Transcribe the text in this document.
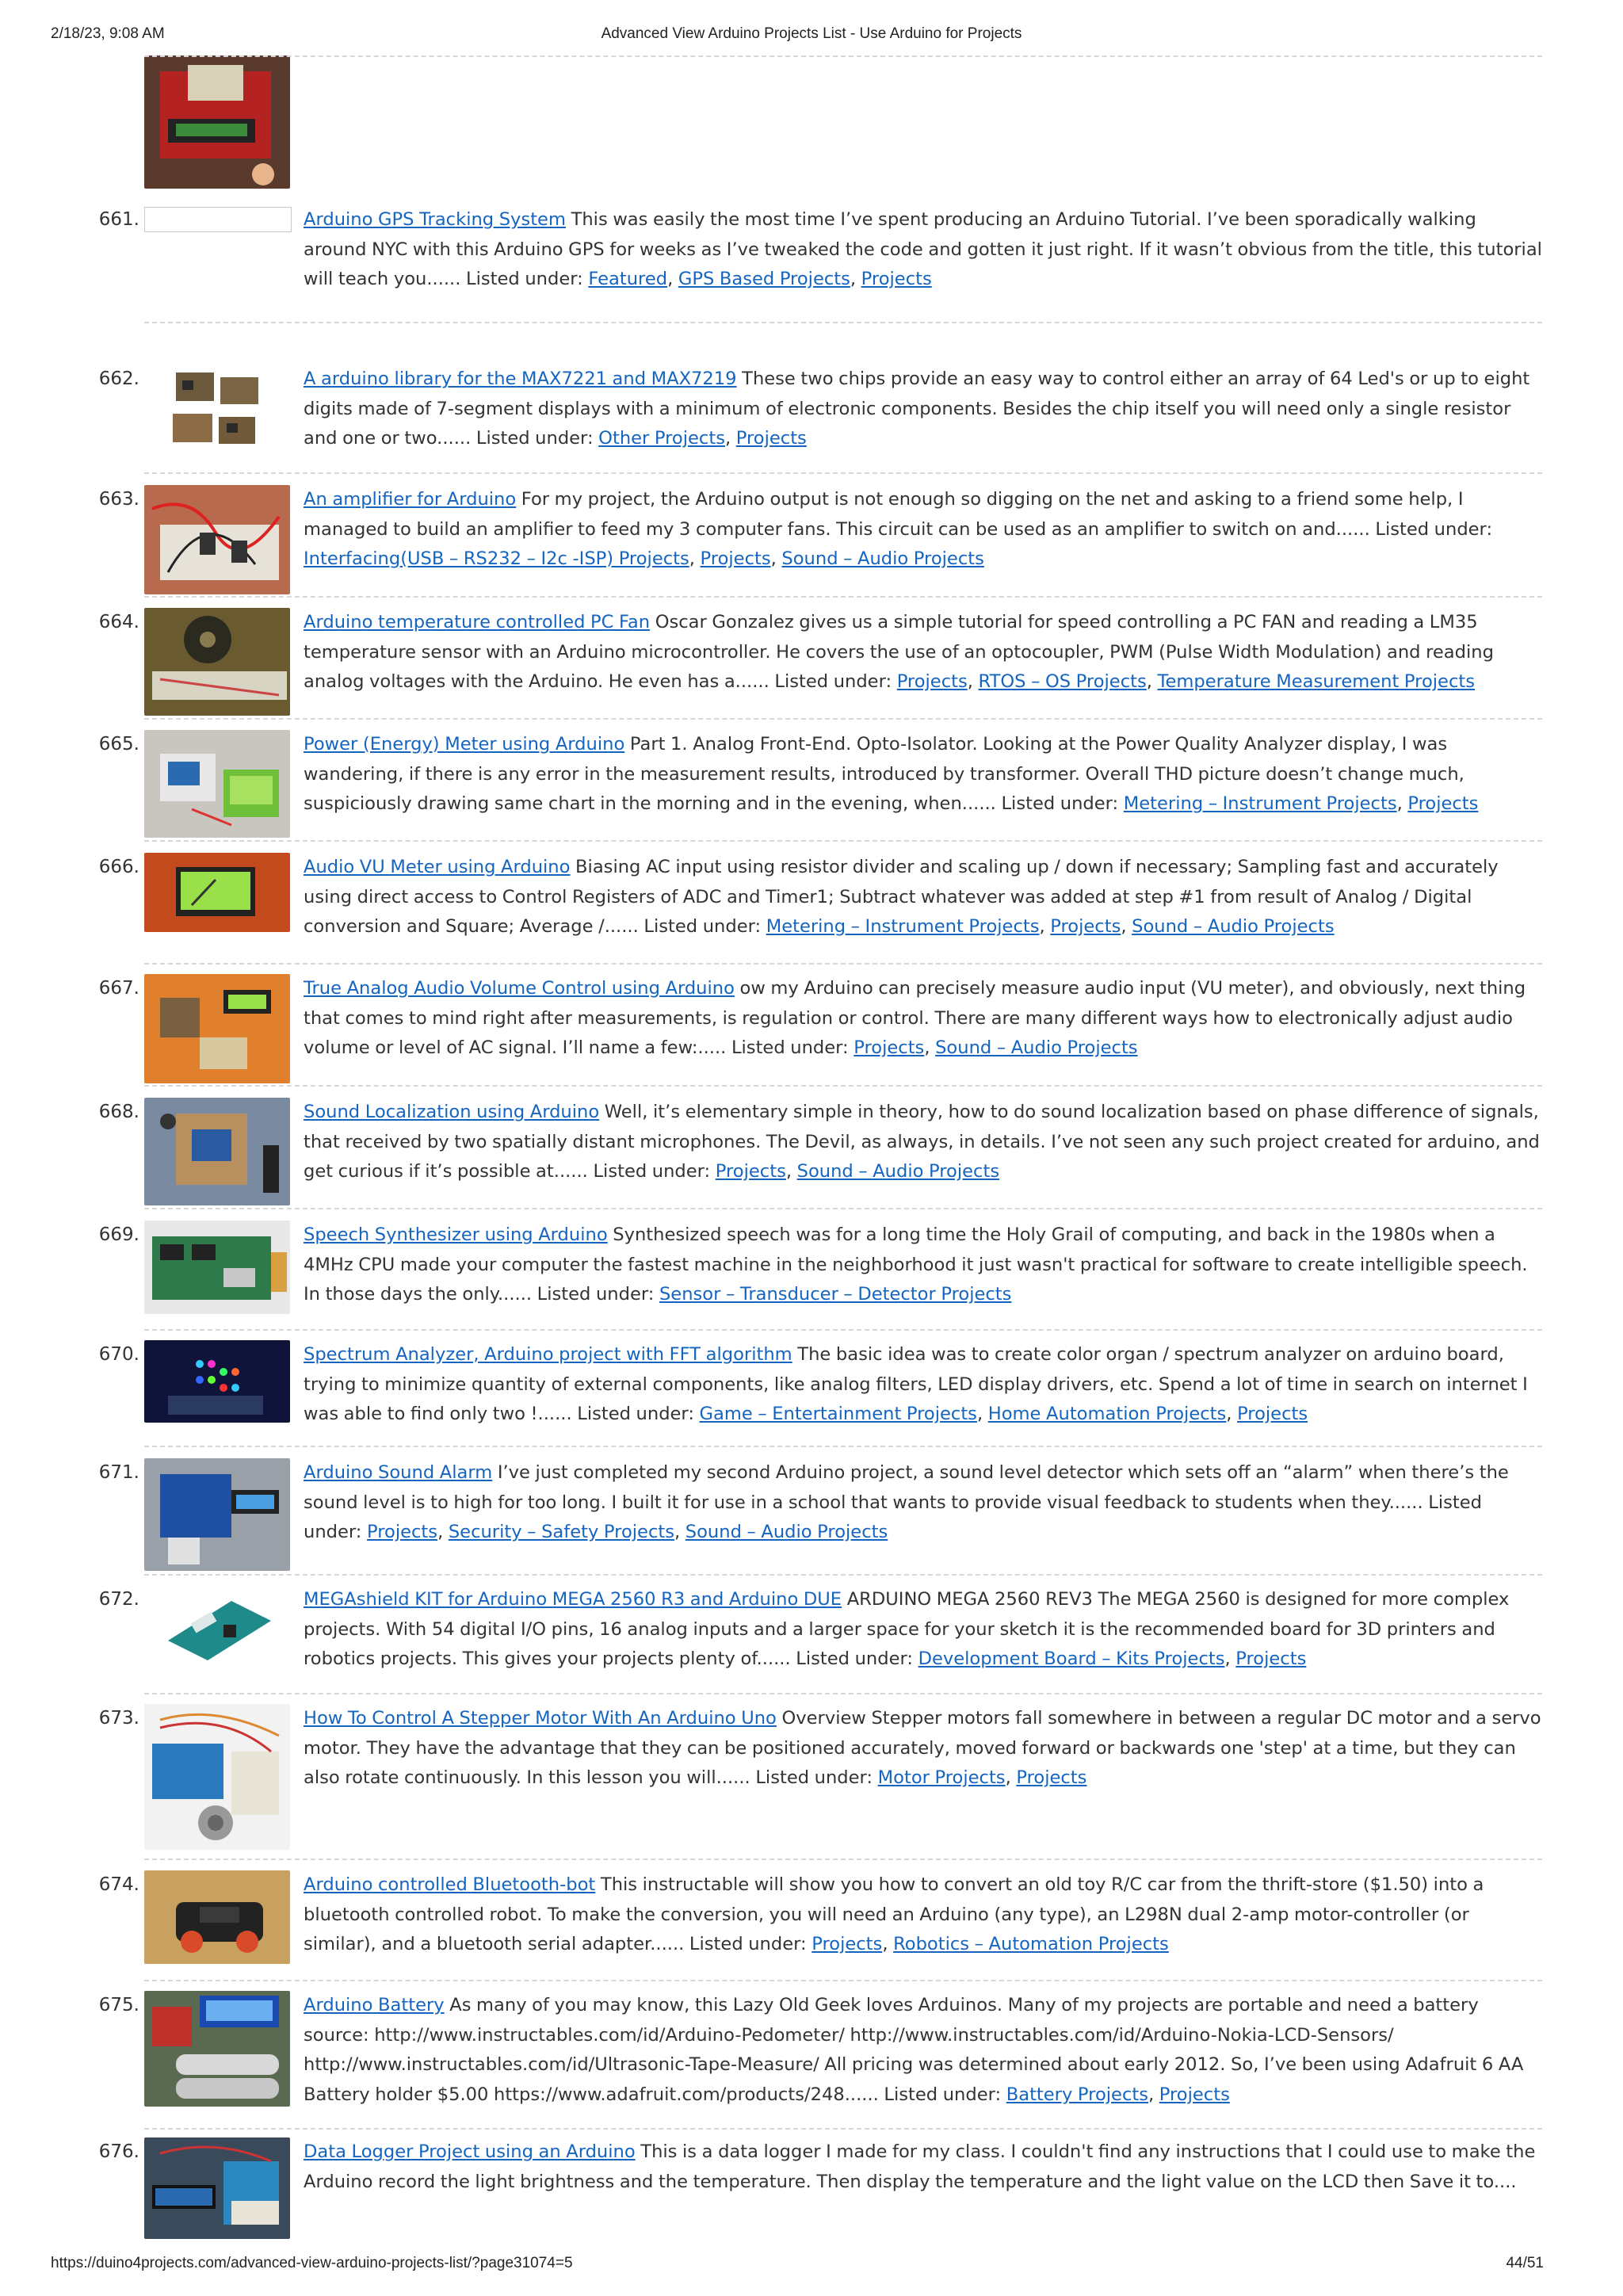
2/18/23, 9:08 AM	Advanced View Arduino Projects List - Use Arduino for Projects
661.	Arduino GPS Tracking System This was easily the most time I’ve spent producing an Arduino Tutorial. I’ve been sporadically walking around NYC with this Arduino GPS for weeks as I’ve tweaked the code and gotten it just right. If it wasn’t obvious from the title, this tutorial will teach you...... Listed under: Featured, GPS Based Projects, Projects
662.	A arduino library for the MAX7221 and MAX7219 These two chips provide an easy way to control either an array of 64 Led's or up to eight digits made of 7-segment displays with a minimum of electronic components. Besides the chip itself you will need only a single resistor and one or two...... Listed under: Other Projects, Projects
663.	An amplifier for Arduino For my project, the Arduino output is not enough so digging on the net and asking to a friend some help, I managed to build an amplifier to feed my 3 computer fans. This circuit can be used as an amplifier to switch on and...... Listed under: Interfacing(USB – RS232 – I2c -ISP) Projects, Projects, Sound – Audio Projects
664.	Arduino temperature controlled PC Fan Oscar Gonzalez gives us a simple tutorial for speed controlling a PC FAN and reading a LM35 temperature sensor with an Arduino microcontroller. He covers the use of an optocoupler, PWM (Pulse Width Modulation) and reading analog voltages with the Arduino. He even has a...... Listed under: Projects, RTOS – OS Projects, Temperature Measurement Projects
665.	Power (Energy) Meter using Arduino Part 1. Analog Front-End. Opto-Isolator. Looking at the Power Quality Analyzer display, I was wandering, if there is any error in the measurement results, introduced by transformer. Overall THD picture doesn’t change much, suspiciously drawing same chart in the morning and in the evening, when...... Listed under: Metering – Instrument Projects, Projects
666.	Audio VU Meter using Arduino Biasing AC input using resistor divider and scaling up / down if necessary; Sampling fast and accurately using direct access to Control Registers of ADC and Timer1; Subtract whatever was added at step #1 from result of Analog / Digital conversion and Square; Average /...... Listed under: Metering – Instrument Projects, Projects, Sound – Audio Projects
667.	True Analog Audio Volume Control using Arduino ow my Arduino can precisely measure audio input (VU meter), and obviously, next thing that comes to mind right after measurements, is regulation or control. There are many different ways how to electronically adjust audio volume or level of AC signal. I’ll name a few:..... Listed under: Projects, Sound – Audio Projects
668.	Sound Localization using Arduino Well, it’s elementary simple in theory, how to do sound localization based on phase difference of signals, that received by two spatially distant microphones. The Devil, as always, in details. I’ve not seen any such project created for arduino, and get curious if it’s possible at...... Listed under: Projects, Sound – Audio Projects
669.	Speech Synthesizer using Arduino Synthesized speech was for a long time the Holy Grail of computing, and back in the 1980s when a 4MHz CPU made your computer the fastest machine in the neighborhood it just wasn't practical for software to create intelligible speech. In those days the only...... Listed under: Sensor – Transducer – Detector Projects
670.	Spectrum Analyzer, Arduino project with FFT algorithm The basic idea was to create color organ / spectrum analyzer on arduino board, trying to minimize quantity of external components, like analog filters, LED display drivers, etc. Spend a lot of time in search on internet I was able to find only two !...... Listed under: Game – Entertainment Projects, Home Automation Projects, Projects
671.	Arduino Sound Alarm I’ve just completed my second Arduino project, a sound level detector which sets off an “alarm” when there’s the sound level is to high for too long. I built it for use in a school that wants to provide visual feedback to students when they...... Listed under: Projects, Security – Safety Projects, Sound – Audio Projects
672.	MEGAshield KIT for Arduino MEGA 2560 R3 and Arduino DUE ARDUINO MEGA 2560 REV3 The MEGA 2560 is designed for more complex projects. With 54 digital I/O pins, 16 analog inputs and a larger space for your sketch it is the recommended board for 3D printers and robotics projects. This gives your projects plenty of...... Listed under: Development Board – Kits Projects, Projects
673.	How To Control A Stepper Motor With An Arduino Uno Overview Stepper motors fall somewhere in between a regular DC motor and a servo motor. They have the advantage that they can be positioned accurately, moved forward or backwards one 'step' at a time, but they can also rotate continuously. In this lesson you will...... Listed under: Motor Projects, Projects
674.	Arduino controlled Bluetooth-bot This instructable will show you how to convert an old toy R/C car from the thrift-store ($1.50) into a bluetooth controlled robot. To make the conversion, you will need an Arduino (any type), an L298N dual 2-amp motor-controller (or similar), and a bluetooth serial adapter...... Listed under: Projects, Robotics – Automation Projects
675.	Arduino Battery As many of you may know, this Lazy Old Geek loves Arduinos. Many of my projects are portable and need a battery source: http://www.instructables.com/id/Arduino-Pedometer/ http://www.instructables.com/id/Arduino-Nokia-LCD-Sensors/ http://www.instructables.com/id/Ultrasonic-Tape-Measure/ All pricing was determined about early 2012. So, I’ve been using Adafruit 6 AA Battery holder $5.00 https://www.adafruit.com/products/248...... Listed under: Battery Projects, Projects
676.	Data Logger Project using an Arduino This is a data logger I made for my class. I couldn't find any instructions that I could use to make the Arduino record the light brightness and the temperature. Then display the temperature and the light value on the LCD then Save it to....
https://duino4projects.com/advanced-view-arduino-projects-list/?page31074=5	44/51
